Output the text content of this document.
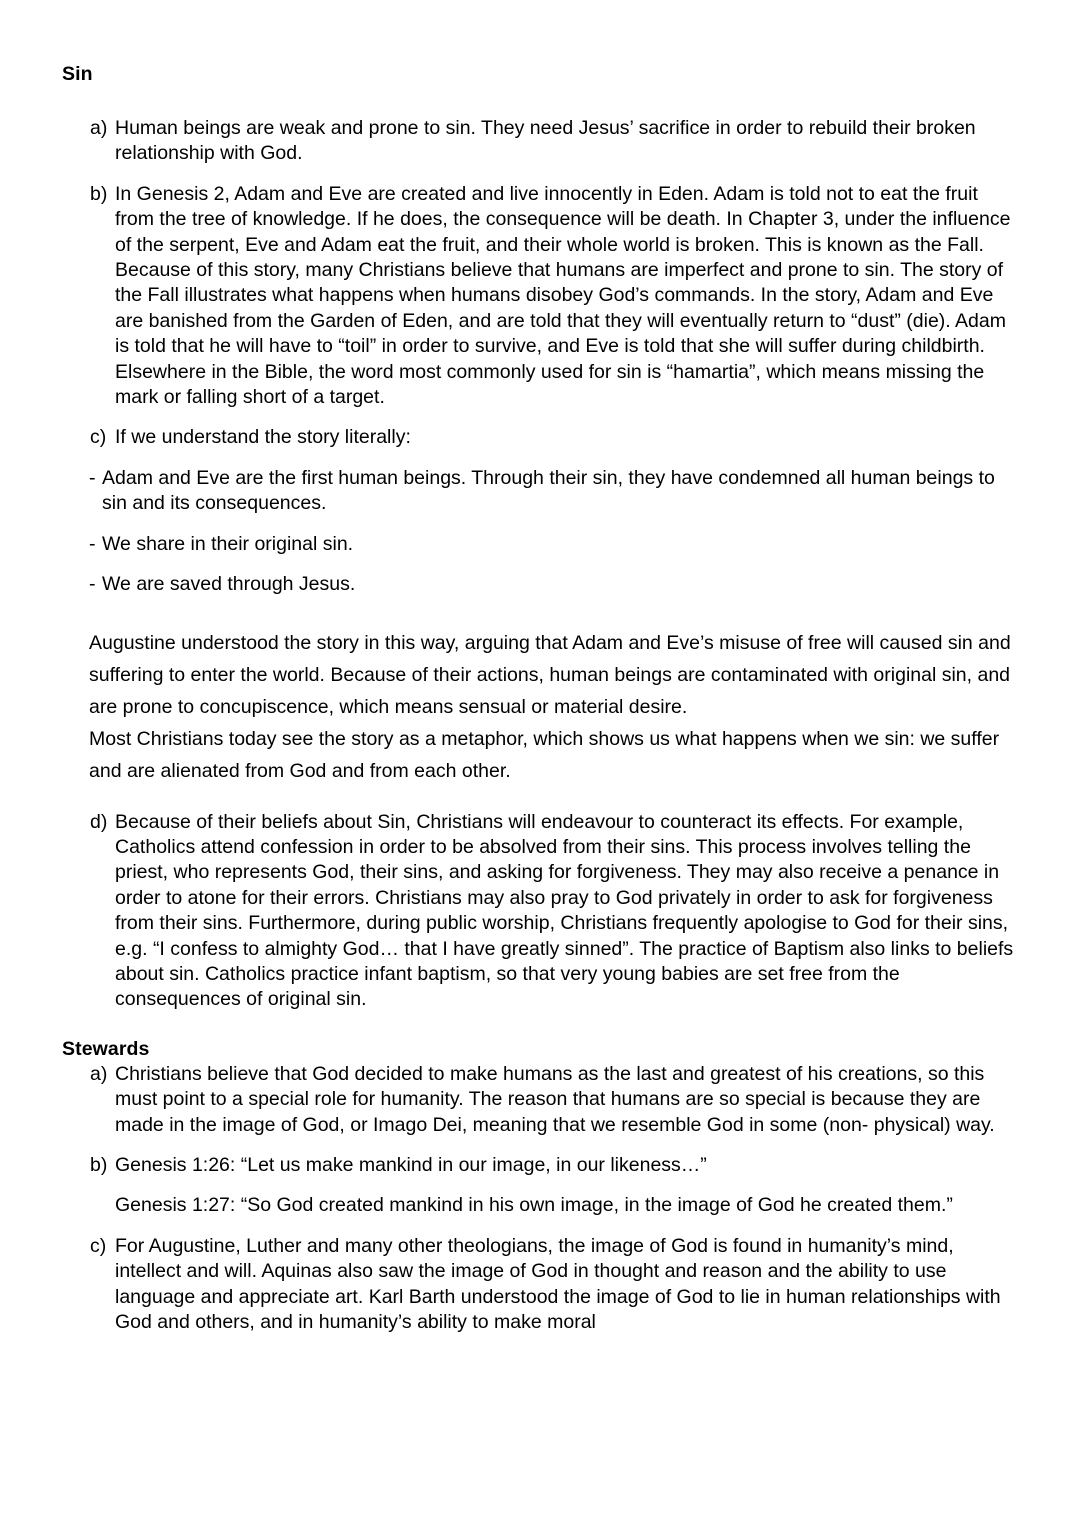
Sin
a) Human beings are weak and prone to sin. They need Jesus’ sacrifice in order to rebuild their broken relationship with God.
b) In Genesis 2, Adam and Eve are created and live innocently in Eden. Adam is told not to eat the fruit from the tree of knowledge. If he does, the consequence will be death. In Chapter 3, under the influence of the serpent, Eve and Adam eat the fruit, and their whole world is broken. This is known as the Fall. Because of this story, many Christians believe that humans are imperfect and prone to sin. The story of the Fall illustrates what happens when humans disobey God’s commands. In the story, Adam and Eve are banished from the Garden of Eden, and are told that they will eventually return to “dust” (die). Adam is told that he will have to “toil” in order to survive, and Eve is told that she will suffer during childbirth. Elsewhere in the Bible, the word most commonly used for sin is “hamartia”, which means missing the mark or falling short of a target.
c) If we understand the story literally:
- Adam and Eve are the first human beings. Through their sin, they have condemned all human beings to sin and its consequences.
- We share in their original sin.
- We are saved through Jesus.

Augustine understood the story in this way, arguing that Adam and Eve’s misuse of free will caused sin and suffering to enter the world. Because of their actions, human beings are contaminated with original sin, and are prone to concupiscence, which means sensual or material desire.

Most Christians today see the story as a metaphor, which shows us what happens when we sin: we suffer and are alienated from God and from each other.

d) Because of their beliefs about Sin, Christians will endeavour to counteract its effects. For example, Catholics attend confession in order to be absolved from their sins. This process involves telling the priest, who represents God, their sins, and asking for forgiveness. They may also receive a penance in order to atone for their errors. Christians may also pray to God privately in order to ask for forgiveness from their sins. Furthermore, during public worship, Christians frequently apologise to God for their sins, e.g. “I confess to almighty God… that I have greatly sinned”. The practice of Baptism also links to beliefs about sin. Catholics practice infant baptism, so that very young babies are set free from the consequences of original sin.
Stewards
a) Christians believe that God decided to make humans as the last and greatest of his creations, so this must point to a special role for humanity. The reason that humans are so special is because they are made in the image of God, or Imago Dei, meaning that we resemble God in some (non- physical) way.
b) Genesis 1:26: “Let us make mankind in our image, in our likeness…”
Genesis 1:27: “So God created mankind in his own image, in the image of God he created them.”
c) For Augustine, Luther and many other theologians, the image of God is found in humanity’s mind, intellect and will. Aquinas also saw the image of God in thought and reason and the ability to use language and appreciate art. Karl Barth understood the image of God to lie in human relationships with God and others, and in humanity’s ability to make moral
